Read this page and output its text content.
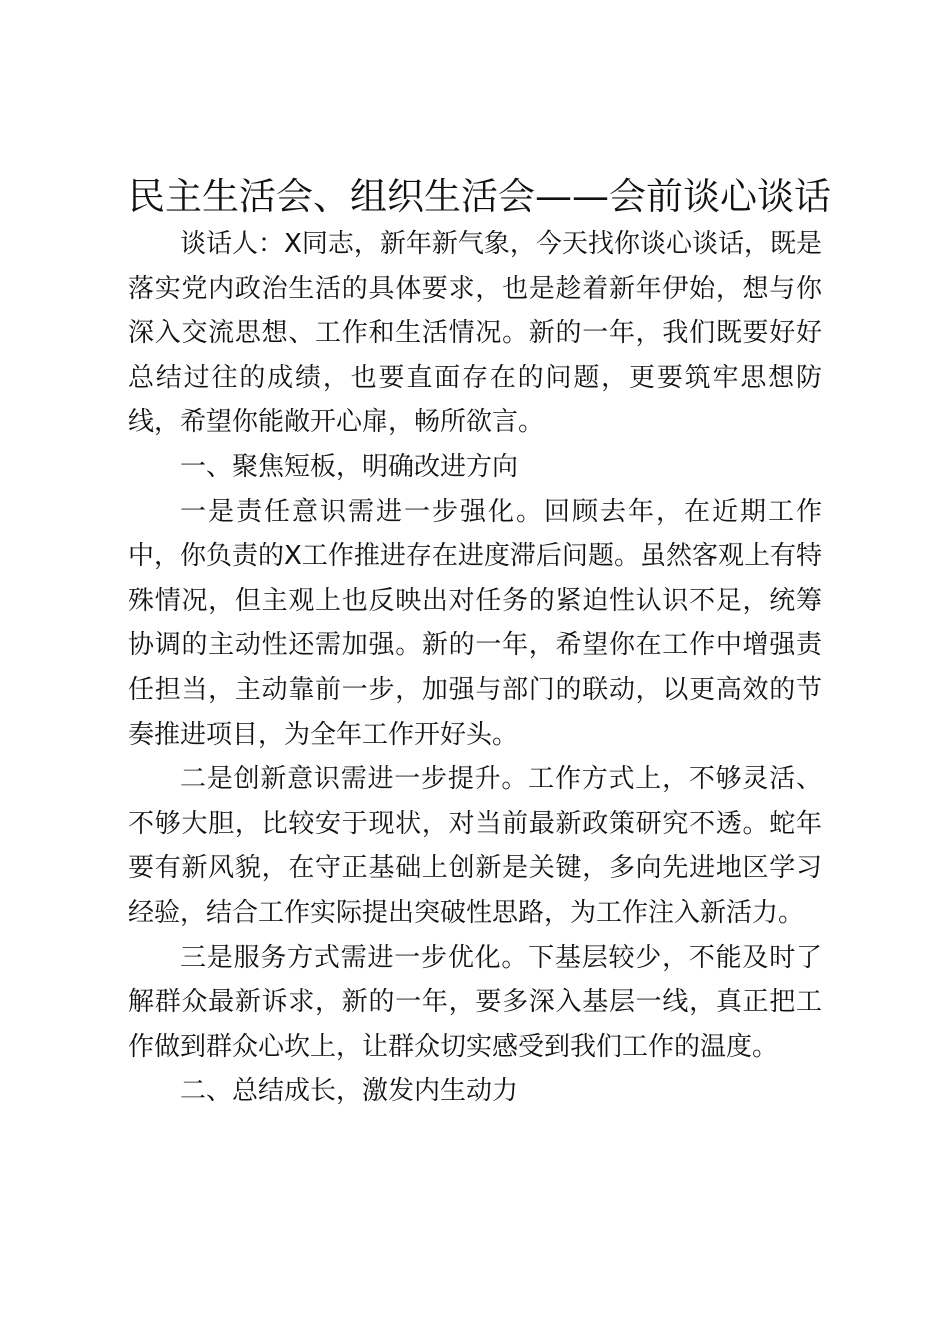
民主生活会、组织生活会——会前谈心谈话

谈话人：X同志，新年新气象，今天找你谈心谈话，既是落实党内政治生活的具体要求，也是趁着新年伊始，想与你深入交流思想、工作和生活情况。新的一年，我们既要好好总结过往的成绩，也要直面存在的问题，更要筑牢思想防线，希望你能敞开心扉，畅所欲言。

一、聚焦短板，明确改进方向

一是责任意识需进一步强化。回顾去年，在近期工作中，你负责的X工作推进存在进度滞后问题。虽然客观上有特殊情况，但主观上也反映出对任务的紧迫性认识不足，统筹协调的主动性还需加强。新的一年，希望你在工作中增强责任担当，主动靠前一步，加强与部门的联动，以更高效的节奏推进项目，为全年工作开好头。

二是创新意识需进一步提升。工作方式上，不够灵活、不够大胆，比较安于现状，对当前最新政策研究不透。蛇年要有新风貌，在守正基础上创新是关键，多向先进地区学习经验，结合工作实际提出突破性思路，为工作注入新活力。

三是服务方式需进一步优化。下基层较少，不能及时了解群众最新诉求，新的一年，要多深入基层一线，真正把工作做到群众心坎上，让群众切实感受到我们工作的温度。

二、总结成长，激发内生动力
